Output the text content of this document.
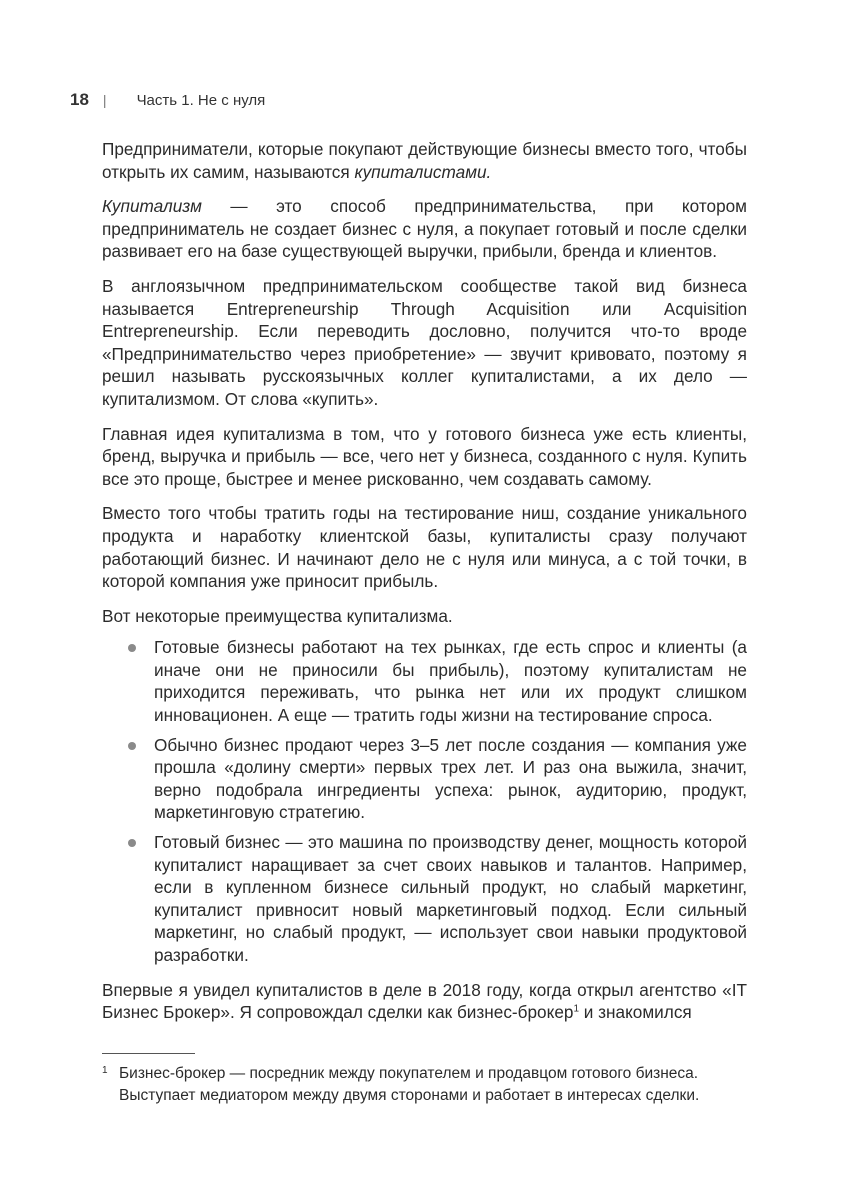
18 | Часть 1. Не с нуля

Предприниматели, которые покупают действующие бизнесы вместо того, чтобы открыть их самим, называются купиталистами.

Купитализм — это способ предпринимательства, при котором предприниматель не создает бизнес с нуля, а покупает готовый и после сделки развивает его на базе существующей выручки, прибыли, бренда и клиентов.

В англоязычном предпринимательском сообществе такой вид бизнеса называется Entrepreneurship Through Acquisition или Acquisition Entrepreneurship. Если переводить дословно, получится что-то вроде «Предпринимательство через приобретение» — звучит кривовато, поэтому я решил называть русскоязычных коллег купиталистами, а их дело — купитализмом. От слова «купить».

Главная идея купитализма в том, что у готового бизнеса уже есть клиенты, бренд, выручка и прибыль — все, чего нет у бизнеса, созданного с нуля. Купить все это проще, быстрее и менее рискованно, чем создавать самому.

Вместо того чтобы тратить годы на тестирование ниш, создание уникального продукта и наработку клиентской базы, купиталисты сразу получают работающий бизнес. И начинают дело не с нуля или минуса, а с той точки, в которой компания уже приносит прибыль.

Вот некоторые преимущества купитализма.

Готовые бизнесы работают на тех рынках, где есть спрос и клиенты (а иначе они не приносили бы прибыль), поэтому купиталистам не приходится переживать, что рынка нет или их продукт слишком инновационен. А еще — тратить годы жизни на тестирование спроса.
Обычно бизнес продают через 3–5 лет после создания — компания уже прошла «долину смерти» первых трех лет. И раз она выжила, значит, верно подобрала ингредиенты успеха: рынок, аудиторию, продукт, маркетинговую стратегию.
Готовый бизнес — это машина по производству денег, мощность которой купиталист наращивает за счет своих навыков и талантов. Например, если в купленном бизнесе сильный продукт, но слабый маркетинг, купиталист привносит новый маркетинговый подход. Если сильный маркетинг, но слабый продукт, — использует свои навыки продуктовой разработки.

Впервые я увидел купиталистов в деле в 2018 году, когда открыл агентство «IT Бизнес Брокер». Я сопровождал сделки как бизнес-брокер$^1$ и знакомился

1 Бизнес-брокер — посредник между покупателем и продавцом готового бизнеса. Выступает медиатором между двумя сторонами и работает в интересах сделки.
